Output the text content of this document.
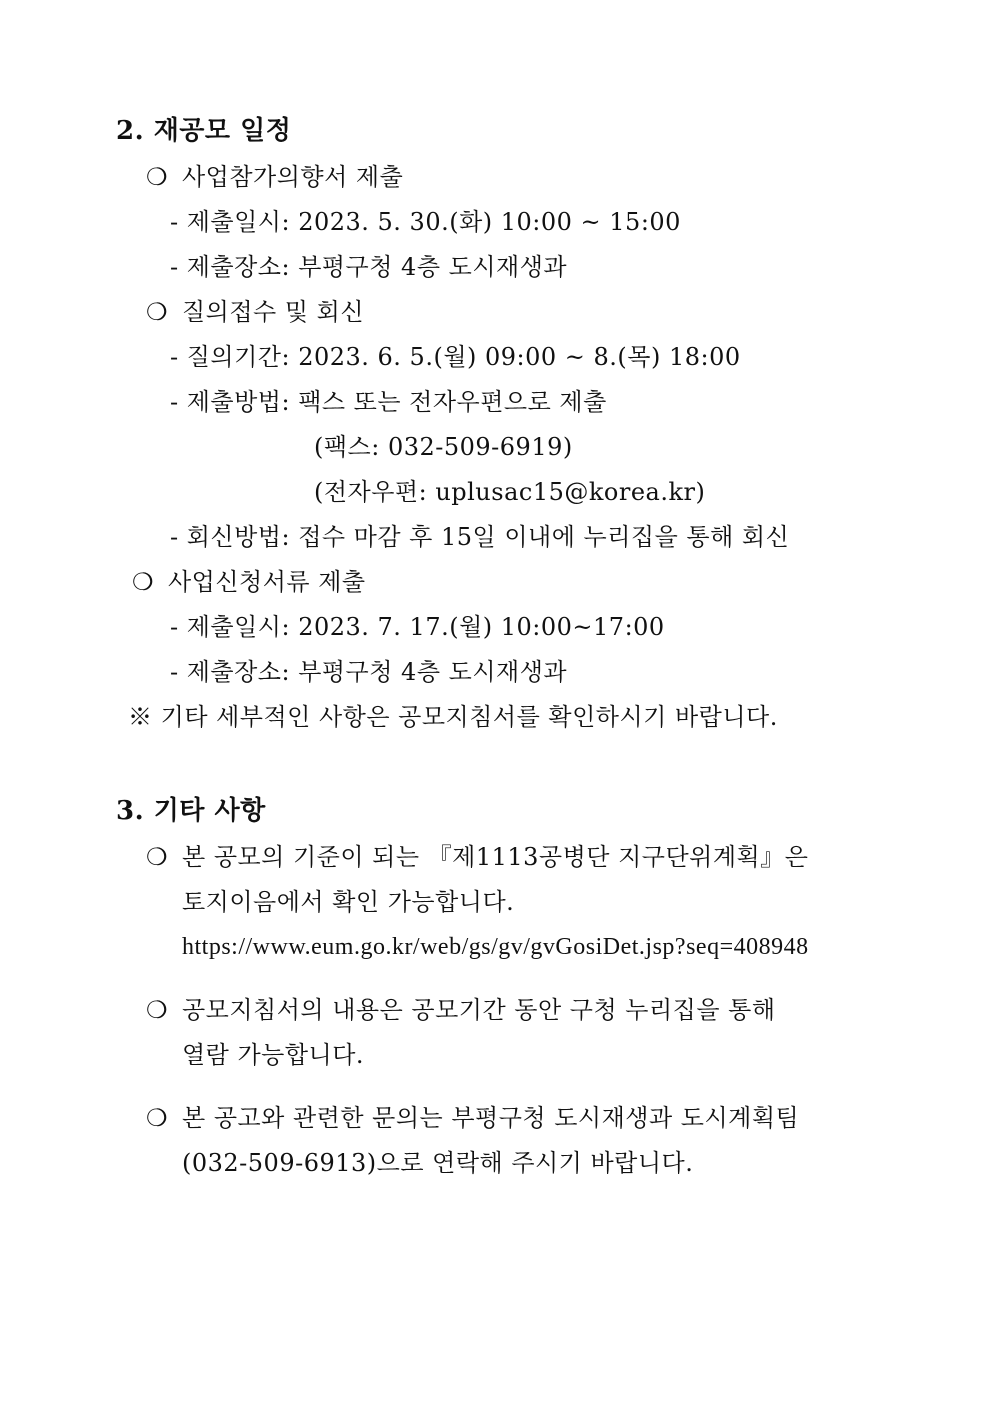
2. 재공모 일정
❍ 사업참가의향서 제출
- 제출일시: 2023. 5. 30.(화) 10:00 ~ 15:00
- 제출장소: 부평구청 4층 도시재생과
❍ 질의접수 및 회신
- 질의기간: 2023. 6. 5.(월) 09:00 ~ 8.(목) 18:00
- 제출방법: 팩스 또는 전자우편으로 제출
(팩스: 032-509-6919)
(전자우편: uplusac15@korea.kr)
- 회신방법: 접수 마감 후 15일 이내에 누리집을 통해 회신
❍ 사업신청서류 제출
- 제출일시: 2023. 7. 17.(월) 10:00~17:00
- 제출장소: 부평구청 4층 도시재생과
※ 기타 세부적인 사항은 공모지침서를 확인하시기 바랍니다.
3. 기타 사항
❍ 본 공모의 기준이 되는 『제1113공병단 지구단위계획』은
토지이음에서 확인 가능합니다.
https://www.eum.go.kr/web/gs/gv/gvGosiDet.jsp?seq=408948
❍ 공모지침서의 내용은 공모기간 동안 구청 누리집을 통해
열람 가능합니다.
❍ 본 공고와 관련한 문의는 부평구청 도시재생과 도시계획팀
(032-509-6913)으로 연락해 주시기 바랍니다.
